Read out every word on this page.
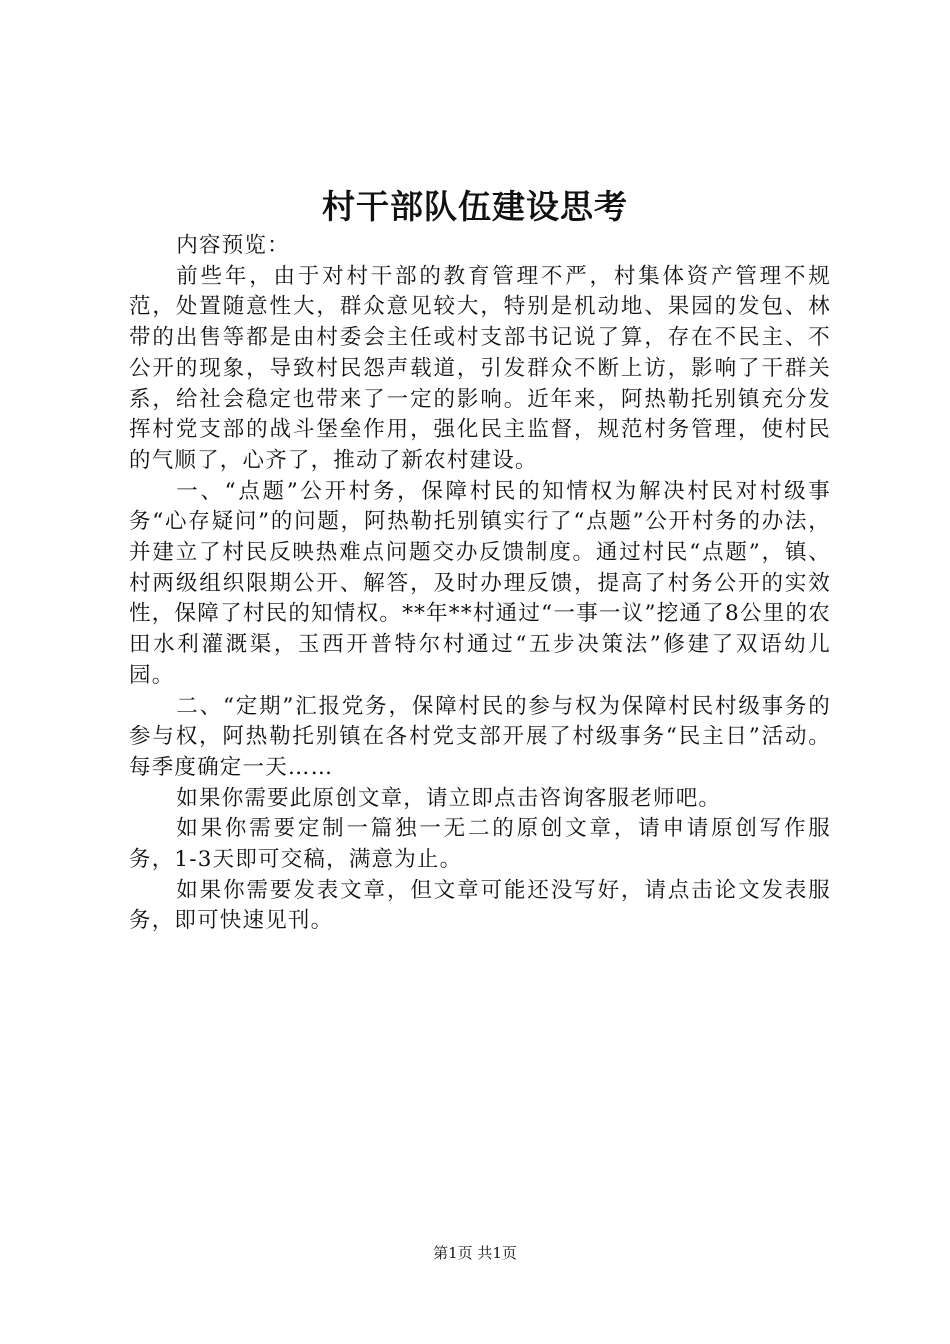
村干部队伍建设思考

内容预览：

前些年，由于对村干部的教育管理不严，村集体资产管理不规范，处置随意性大，群众意见较大，特别是机动地、果园的发包、林带的出售等都是由村委会主任或村支部书记说了算，存在不民主、不公开的现象，导致村民怨声载道，引发群众不断上访，影响了干群关系，给社会稳定也带来了一定的影响。近年来，阿热勒托别镇充分发挥村党支部的战斗堡垒作用，强化民主监督，规范村务管理，使村民的气顺了，心齐了，推动了新农村建设。

一、“点题”公开村务，保障村民的知情权为解决村民对村级事务“心存疑问”的问题，阿热勒托别镇实行了“点题”公开村务的办法，并建立了村民反映热难点问题交办反馈制度。通过村民“点题”，镇、村两级组织限期公开、解答，及时办理反馈，提高了村务公开的实效性，保障了村民的知情权。**年**村通过“一事一议”挖通了8公里的农田水利灌溉渠，玉西开普特尔村通过“五步决策法”修建了双语幼儿园。

二、“定期”汇报党务，保障村民的参与权为保障村民村级事务的参与权，阿热勒托别镇在各村党支部开展了村级事务“民主日”活动。每季度确定一天……

如果你需要此原创文章，请立即点击咨询客服老师吧。

如果你需要定制一篇独一无二的原创文章，请申请原创写作服务，1-3天即可交稿，满意为止。

如果你需要发表文章，但文章可能还没写好，请点击论文发表服务，即可快速见刊。

第1页 共1页
